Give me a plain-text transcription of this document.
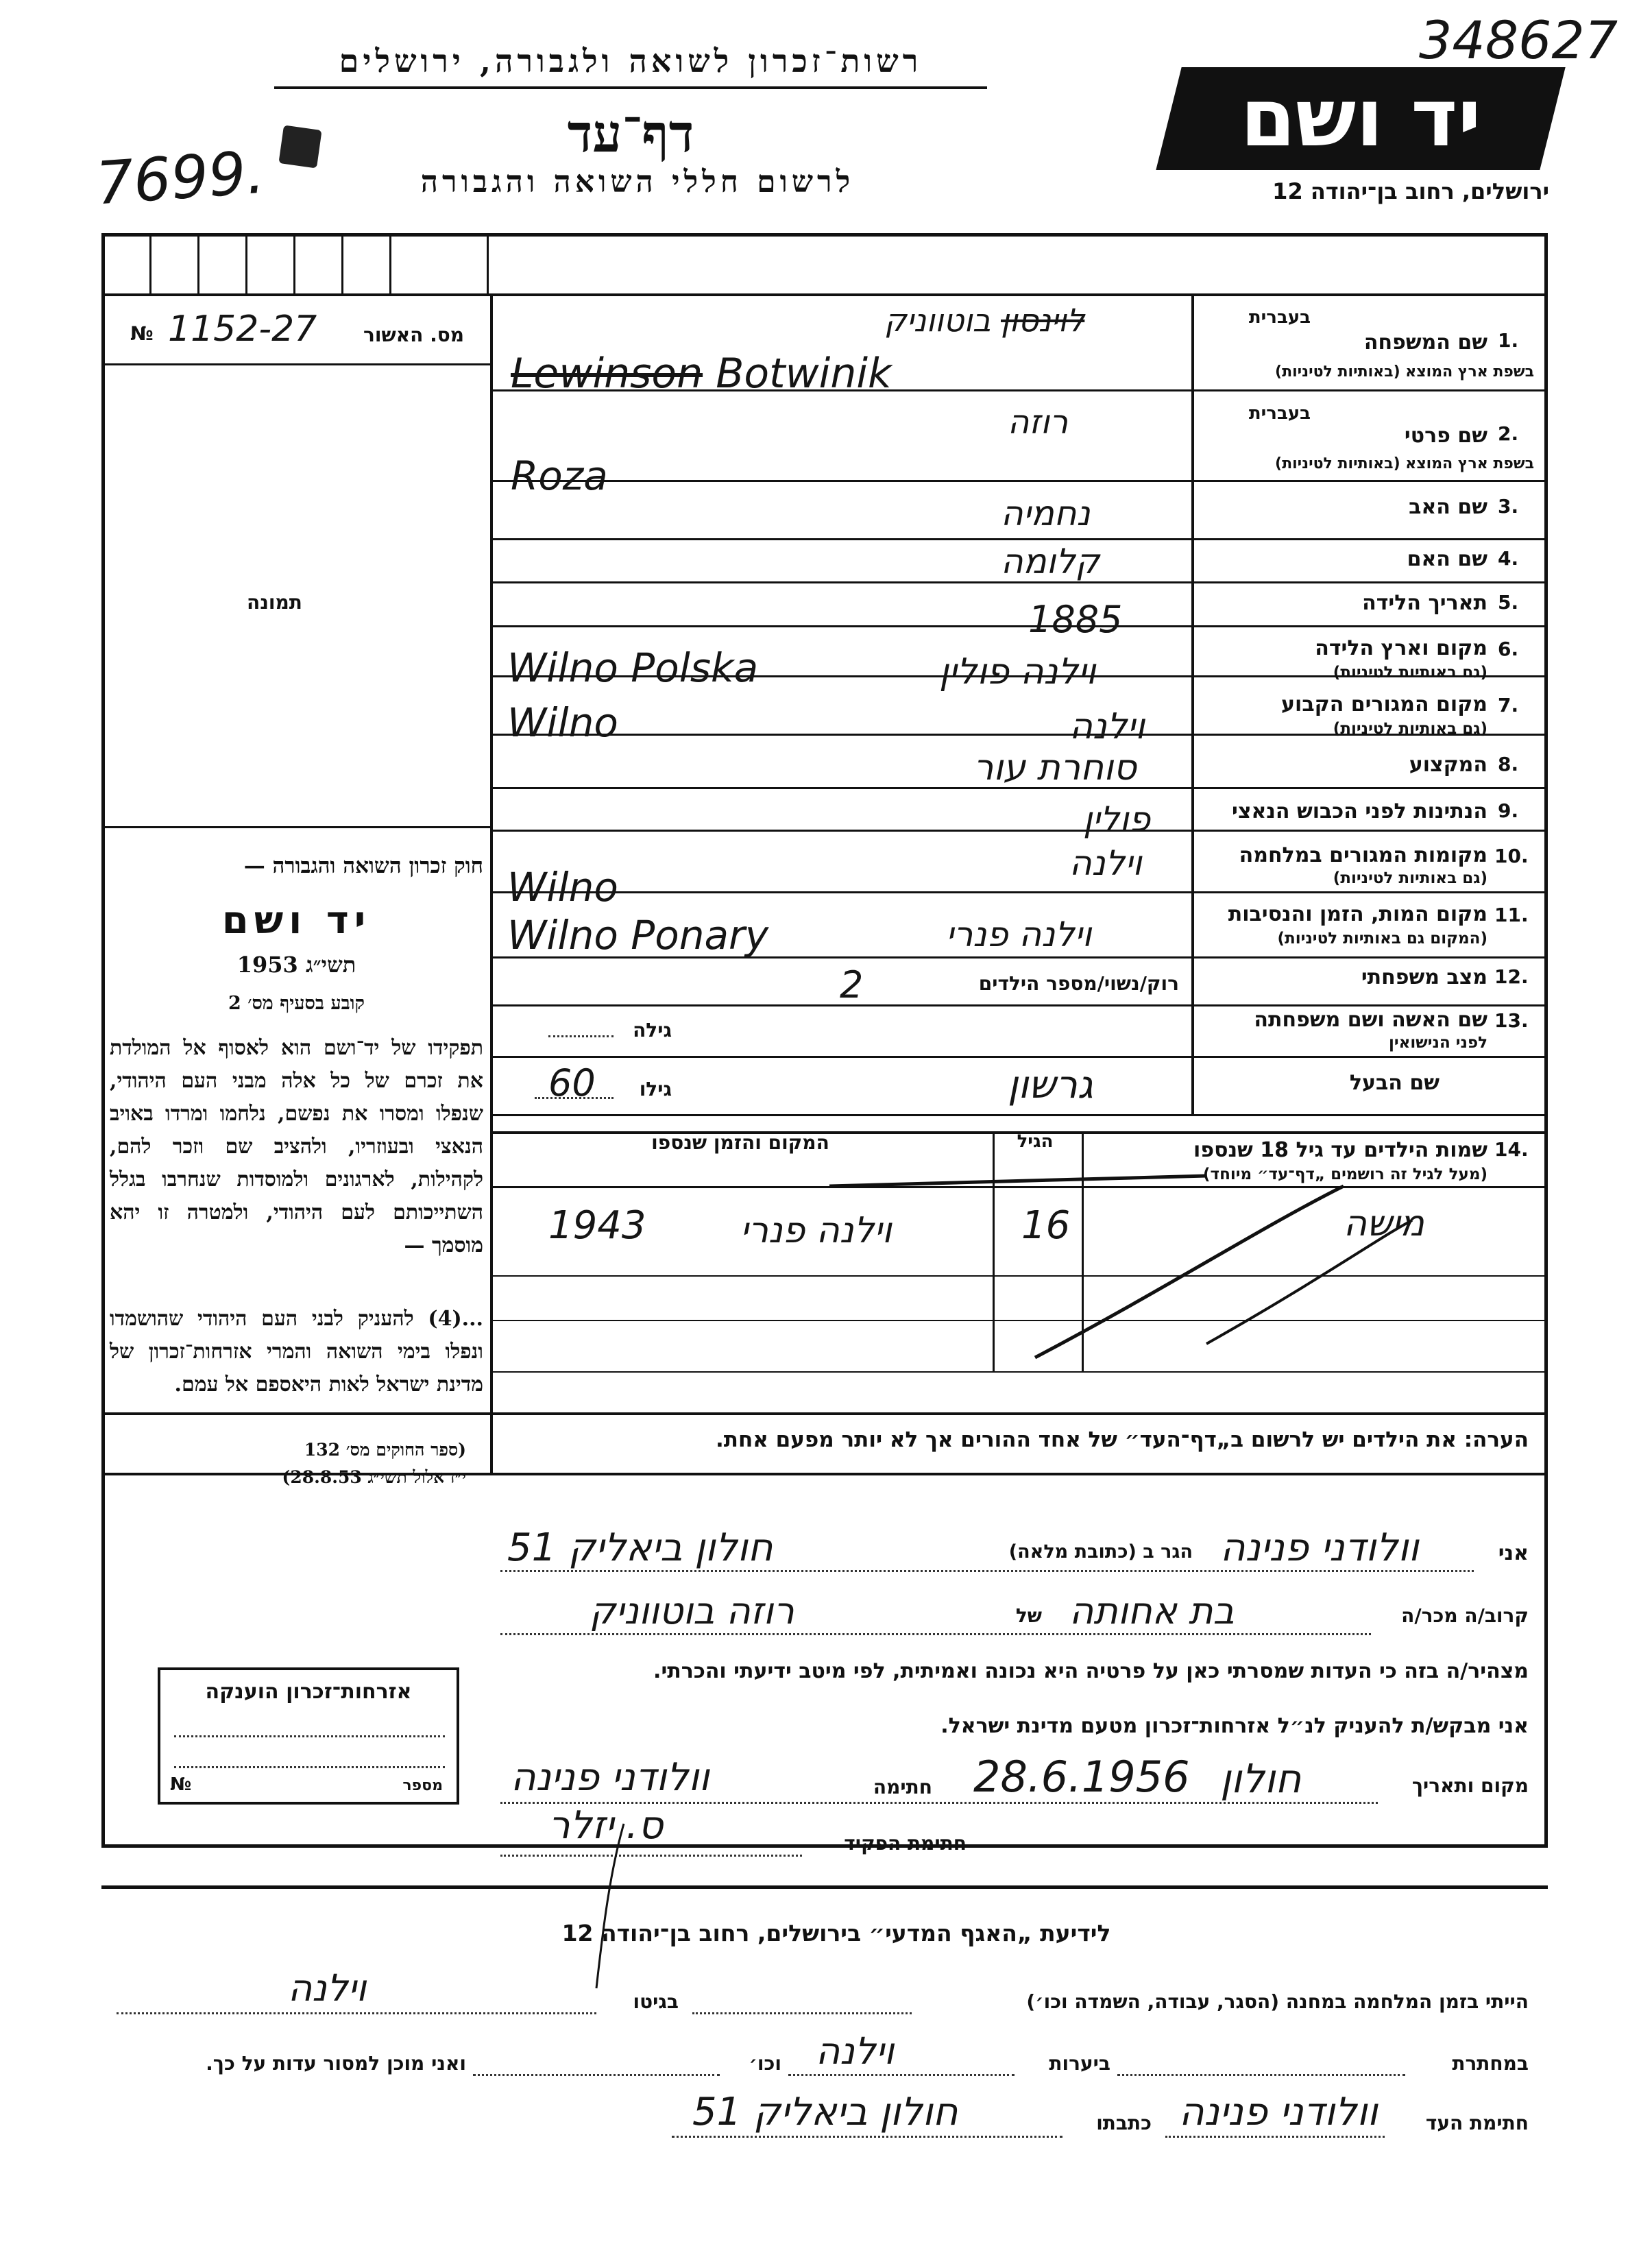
רשות־זכרון לשואה ולגבורה, ירושלים
דף־עד
לרשום חללי השואה והגבורה
7699.
יד ושם
348627
ירושלים, רחוב בן־יהודה 12
№ 1152-27 מס. האשור
תמונה
1.
בעברית
שם המשפחה
בשפת ארץ המוצא (באותיות לטיניות)
לוינסון בוטווניק
Lewinson Botwinik
2.
בעברית
שם פרטי
בשפת ארץ המוצא (באותיות לטיניות)
רוזה
Roza
3.
שם האב
נחמיה
4.
שם האם
קלומה
5.
תאריך הלידה
1885
6.
מקום וארץ הלידה
(גם באותיות לטיניות)
וילנה פולין
Wilno Polska
7.
מקום המגורים הקבוע
(גם באותיות לטיניות)
וילנה
Wilno
8.
המקצוע
סוחרת עור
9.
הנתינות לפני הכבוש הנאצי
פולין
10.
מקומות המגורים במלחמה
(גם באותיות לטיניות)
וילנה
Wilno
11.
מקום המות, הזמן והנסיבות
(המקום גם באותיות לטיניות)
וילנה פנרי
Wilno Ponary
12.
מצב משפחתי
רוק/נשוי/מספר הילדים
2
13.
שם האשה ושם משפחתה
לפני הנישואין
גילה
שם הבעל
גרשון
גילו
60
14.
שמות הילדים עד גיל 18 שנספו
(מעל לגיל זה רושמים „דף־עד״ מיוחד)
הגיל
המקום והזמן שנספו
מישה
16
וילנה פנרי
1943
הערה: את הילדים יש לרשום ב„דף־העד״ של אחד ההורים אך לא יותר מפעם אחת.
חוק זכרון השואה והגבורה —
יד ושם
תשי״ג 1953
קובע בסעיף מס׳ 2
תפקידו של יד־ושם הוא לאסוף אל המולדת את זכרם של כל אלה מבני העם היהודי, שנפלו ומסרו את נפשם, נלחמו ומרדו באויב הנאצי ובעוזריו, ולהציב שם וזכר להם, לקהילות, לארגונים ולמוסדות שנחרבו בגלל השתייכותם לעם היהודי, ולמטרה זו יהא מוסמך —
...(4) להעניק לבני העם היהודי שהושמדו ונפלו בימי השואה והמרי אזרחות־זכרון של מדינת ישראל לאות היאספם אל עמם.
(ספר החוקים מס׳ 132
י״ז אלול תשי״ג 28.8.53)
אני
וולודני פנינה
הגר ב (כתובת מלאה)
חולון ביאליק 51
קרוב/ה מכר/ה
בת אחותה
של
רוזה בוטווניק
מצהיר/ה בזה כי העדות שמסרתי כאן על פרטיה היא נכונה ואמיתית, לפי מיטב ידיעתי והכרתי.
אני מבקש/ת להעניק לנ״ל אזרחות־זכרון מטעם מדינת ישראל.
מקום ותאריך
חולון
28.6.1956
חתימה
וולודני פנינה
חתימת הפקיד
ס. יזלר
אזרחות־זכרון הוענקה
מספר
№
לידיעת „האגף המדעי״ בירושלים, רחוב בן־יהודה 12
הייתי בזמן המלחמה במחנה (הסגר, עבודה, השמדה וכו׳)
בגיטו
וילנה
במחתרת
ביערות
וילנה
וכו׳
ואני מוכן למסור עדות על כך.
חתימת העד
וולודני פנינה
כתבתו
חולון ביאליק 51
